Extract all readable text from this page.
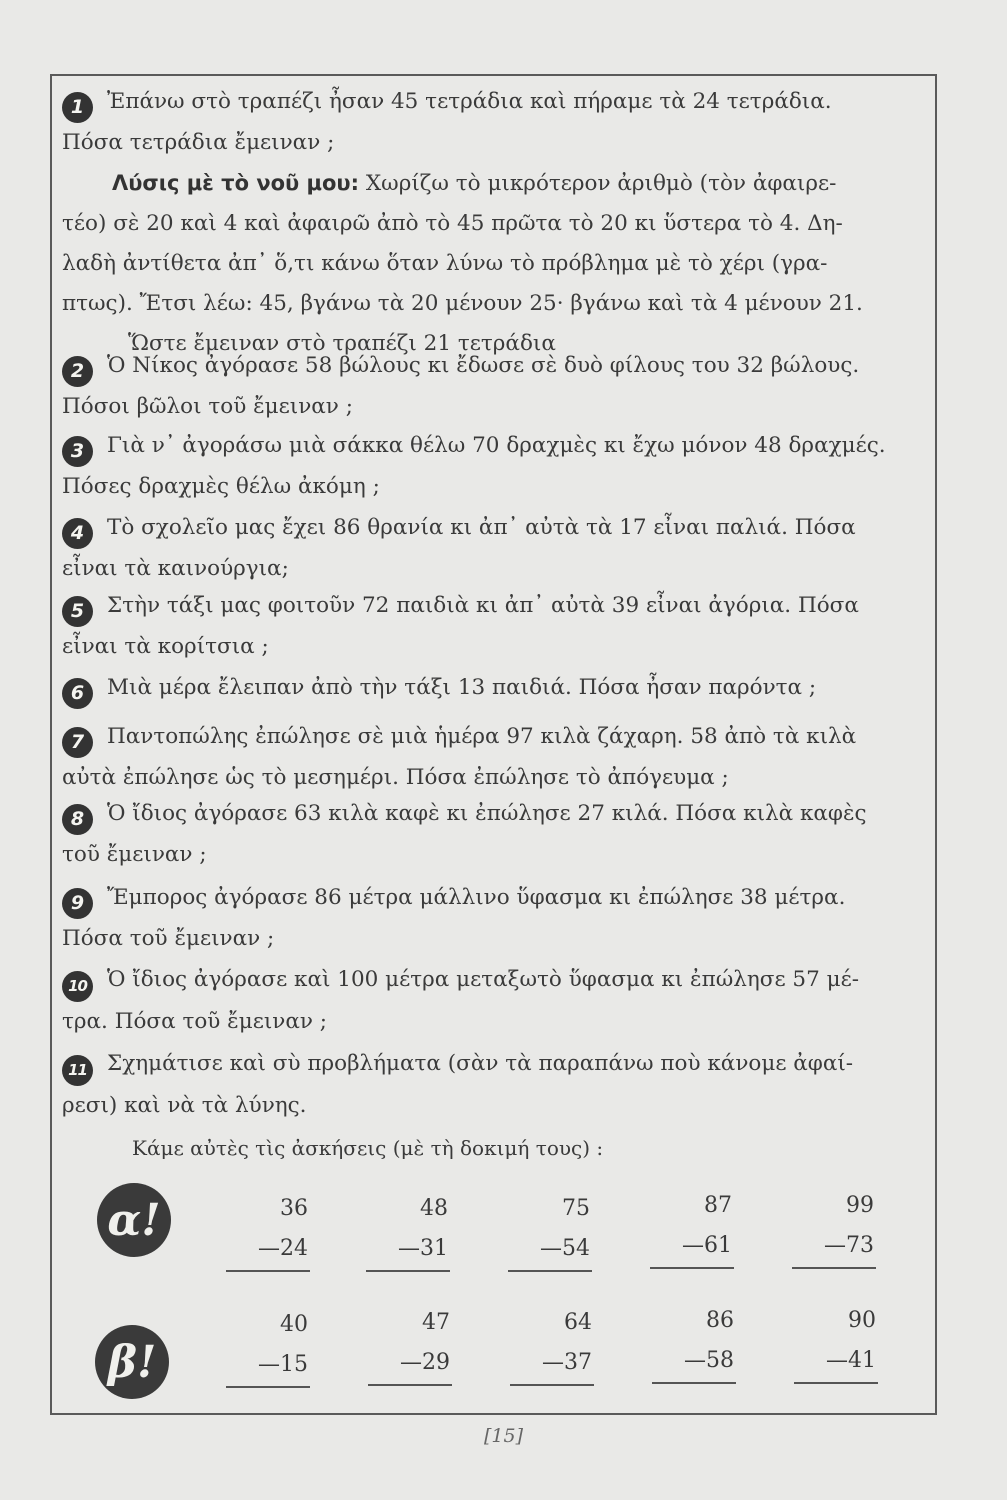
1 Ἐπάνω στὸ τραπέζι ἦσαν 45 τετράδια καὶ πήραμε τὰ 24 τετράδια.

Πόσα τετράδια ἔμειναν ;

Λύσις μὲ τὸ νοῦ μου: Χωρίζω τὸ μικρότερον ἀριθμὸ (τὸν ἀφαιρε-

τέο) σὲ 20 καὶ 4 καὶ ἀφαιρῶ ἀπὸ τὸ 45 πρῶτα τὸ 20 κι ὕστερα τὸ 4. Δη-

λαδὴ ἀντίθετα ἀπ᾿ ὅ,τι κάνω ὅταν λύνω τὸ πρόβλημα μὲ τὸ χέρι (γρα-

πτως). Ἔτσι λέω: 45, βγάνω τὰ 20 μένουν 25· βγάνω καὶ τὰ 4 μένουν 21.

Ὥστε ἔμειναν στὸ τραπέζι 21 τετράδια

2 Ὁ Νίκος ἀγόρασε 58 βώλους κι ἔδωσε σὲ δυὸ φίλους του 32 βώλους.

Πόσοι βῶλοι τοῦ ἔμειναν ;

3 Γιὰ ν᾿ ἀγοράσω μιὰ σάκκα θέλω 70 δραχμὲς κι ἔχω μόνον 48 δραχμές.

Πόσες δραχμὲς θέλω ἀκόμη ;

4 Τὸ σχολεῖο μας ἔχει 86 θρανία κι ἀπ᾿ αὐτὰ τὰ 17 εἶναι παλιά. Πόσα

εἶναι τὰ καινούργια;

5 Στὴν τάξι μας φοιτοῦν 72 παιδιὰ κι ἀπ᾿ αὐτὰ 39 εἶναι ἀγόρια. Πόσα

εἶναι τὰ κορίτσια ;

6 Μιὰ μέρα ἔλειπαν ἀπὸ τὴν τάξι 13 παιδιά. Πόσα ἦσαν παρόντα ;

7 Παντοπώλης ἐπώλησε σὲ μιὰ ἡμέρα 97 κιλὰ ζάχαρη. 58 ἀπὸ τὰ κιλὰ

αὐτὰ ἐπώλησε ὡς τὸ μεσημέρι. Πόσα ἐπώλησε τὸ ἀπόγευμα ;

8 Ὁ ἴδιος ἀγόρασε 63 κιλὰ καφὲ κι ἐπώλησε 27 κιλά. Πόσα κιλὰ καφὲς

τοῦ ἔμειναν ;

9 Ἔμπορος ἀγόρασε 86 μέτρα μάλλινο ὕφασμα κι ἐπώλησε 38 μέτρα.

Πόσα τοῦ ἔμειναν ;

10 Ὁ ἴδιος ἀγόρασε καὶ 100 μέτρα μεταξωτὸ ὕφασμα κι ἐπώλησε 57 μέ-

τρα. Πόσα τοῦ ἔμειναν ;

11 Σχημάτισε καὶ σὺ προβλήματα (σὰν τὰ παραπάνω ποὺ κάνομε ἀφαί-

ρεσι) καὶ νὰ τὰ λύνης.

Κάμε αὐτὲς τὶς ἀσκήσεις (μὲ τὴ δοκιμή τους) :
α!	36
—24
48
—31
75
—54
87
—61
99
—73
β!
40
—15
47
—29
64
—37
86
—58
90
—41
[15]
